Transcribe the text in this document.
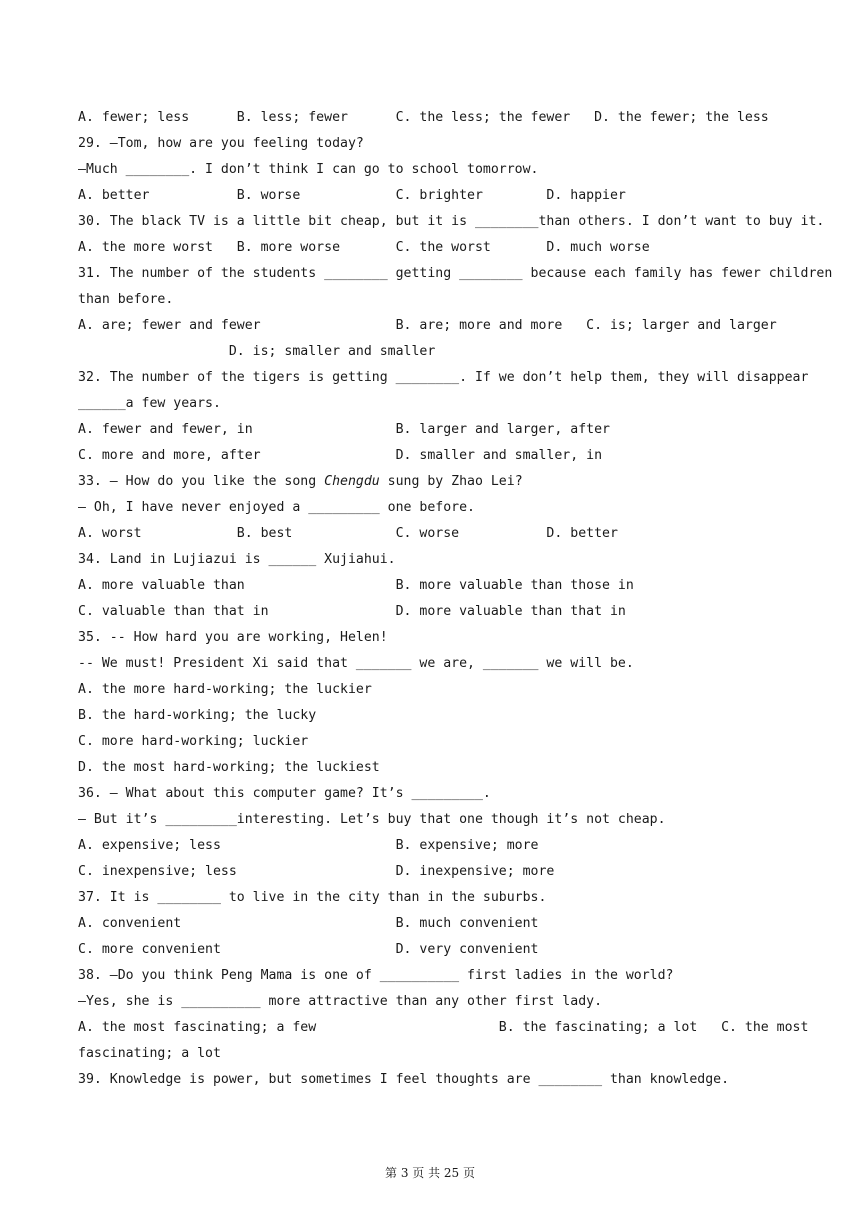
A. fewer; less      B. less; fewer      C. the less; the fewer   D. the fewer; the less
29. —Tom, how are you feeling today?
—Much ________. I don’t think I can go to school tomorrow.
A. better           B. worse            C. brighter        D. happier
30. The black TV is a little bit cheap, but it is ________than others. I don’t want to buy it.
A. the more worst   B. more worse       C. the worst       D. much worse
31. The number of the students ________ getting ________ because each family has fewer children
than before.
A. are; fewer and fewer                 B. are; more and more   C. is; larger and larger
D. is; smaller and smaller
32. The number of the tigers is getting ________. If we don’t help them, they will disappear
______a few years.
A. fewer and fewer, in                  B. larger and larger, after
C. more and more, after                 D. smaller and smaller, in
33. — How do you like the song Chengdu sung by Zhao Lei?
— Oh, I have never enjoyed a _________ one before.
A. worst            B. best             C. worse           D. better
34. Land in Lujiazui is ______ Xujiahui.
A. more valuable than                   B. more valuable than those in
C. valuable than that in                D. more valuable than that in
35. -- How hard you are working, Helen!
-- We must! President Xi said that _______ we are, _______ we will be.
A. the more hard-working; the luckier
B. the hard-working; the lucky
C. more hard-working; luckier
D. the most hard-working; the luckiest
36. — What about this computer game? It’s _________.
— But it’s _________interesting. Let’s buy that one though it’s not cheap.
A. expensive; less                      B. expensive; more
C. inexpensive; less                    D. inexpensive; more
37. It is ________ to live in the city than in the suburbs.
A. convenient                           B. much convenient
C. more convenient                      D. very convenient
38. —Do you think Peng Mama is one of __________ first ladies in the world?
—Yes, she is __________ more attractive than any other first lady.
A. the most fascinating; a few                       B. the fascinating; a lot   C. the most
fascinating; a lot
39. Knowledge is power, but sometimes I feel thoughts are ________ than knowledge.
第 3 页 共 25 页
